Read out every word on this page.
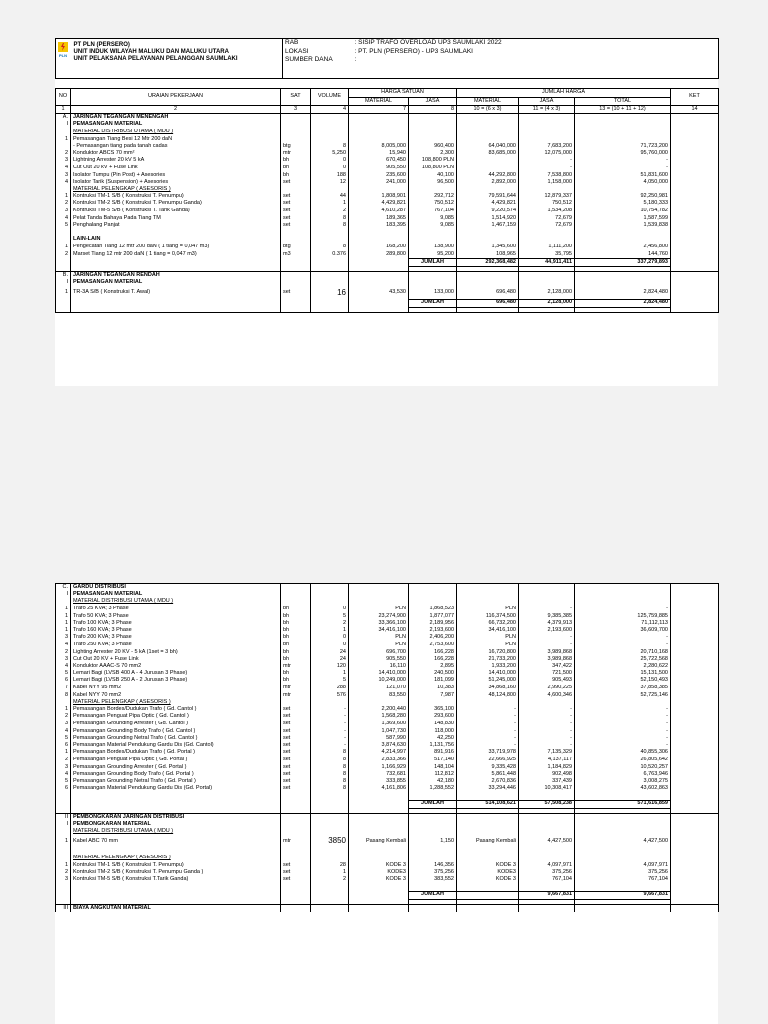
PLN
PT PLN (PERSERO)
UNIT INDUK WILAYAH MALUKU DAN MALUKU UTARA
UNIT PELAKSANA PELAYANAN PELANGGAN SAUMLAKI	RAB	: SISIP TRAFO OVERLOAD UP3 SAUMLAKI 2022
	LOKASI	: PT. PLN (PERSERO) - UP3 SAUMLAKI
	SUMBER DANA	:

NO	URAIAN PEKERJAAN	SAT	VOLUME	HARGA SATUAN		JUMLAH HARGA			KET
				MATERIAL	JASA	MATERIAL	JASA	TOTAL	
1	2	3	4	7	8	10 = (6 x 3)	11 = (4 x 3)	13 = (10 + 11 + 12)	14
A.	JARINGAN TEGANGAN MENENGAH								
I	PEMASANGAN MATERIAL								
	MATERIAL DISTRIBUSI UTAMA ( MDU )								
1	Pemasangan Tiang Besi 12 Mtr 200 daN								
	- Pemasangan tiang pada tanah cadas	btg	8	8,005,000	960,400	64,040,000	7,683,200	71,723,200	
2	Konduktor ABCS 70 mm²	mtr	5,250	15,940	2,300	83,685,000	12,075,000	95,760,000	
3	Lightning Arrester 20 kV 5 kA	bh	0	670,450	108,800 PLN		-	-	
4	Cut Out 20 kV + Fuse Link	bh	0	905,550	108,800 PLN		-	-	
3	Isolator Tumpu (Pin Post) + Asesories	bh	188	235,600	40,100	44,292,800	7,538,800	51,831,600	
4	Isolator Tarik (Suspension) + Asesories	set	12	241,000	96,500	2,892,000	1,158,000	4,050,000	
	MATERIAL PELENGKAP ( ASESORIS )								
1	Kontruksi TM-1 S/B ( Konstruksi T. Penumpu)	set	44	1,808,901	292,712	79,591,644	12,879,337	92,250,981	
2	Kontruksi TM-2 S/B ( Konstruksi T. Penumpu Ganda)	set	1	4,429,821	750,512	4,429,821	750,512	5,180,333	
3	Kontruksi TM-5 S/B ( Konstruksi T. Tarik Ganda)	set	2	4,610,287	767,104	9,220,574	1,534,208	10,754,782	
4	Pelat Tanda Bahaya Pada Tiang TM	set	8	189,365	9,085	1,514,920	72,679	1,587,599	
5	Penghalang Panjat	set	8	183,395	9,085	1,467,159	72,679	1,539,838	

	LAIN-LAIN								
1	Pengecatan Tiang 12 mtr 200 daN ( 1 tiang = 0,047 m3)	btg	8	168,200	138,900	1,345,600	1,111,200	2,456,800	
2	Marset Tiang 12 mtr 200 daN ( 1 tiang = 0,047 m3)	m3	0.376	289,800	95,200	108,965	35,795	144,760	
					JUMLAH	292,368,482	44,911,411	337,279,893	

B.	JARINGAN TEGANGAN RENDAH								
I	PEMASANGAN MATERIAL								
1	TR-3A S/B ( Konstruksi T. Awal)	set	16	43,530	133,000	696,480	2,128,000	2,824,480	
					JUMLAH	696,480	2,128,000	2,824,480	

C.	GARDU DISTRIBUSI								
I	PEMASANGAN MATERIAL								
	MATERIAL DISTRIBUSI UTAMA ( MDU )								
1	Trafo 25 KVA; 3 Phase	bh	0	PLN	1,868,523	PLN	-	-	
1	Trafo 50 KVA; 3 Phase	bh	5	23,274,900	1,877,077	116,374,500	9,385,385	125,759,885	
1	Trafo 100 KVA; 3 Phase	bh	2	33,366,100	2,189,956	66,732,200	4,379,913	71,112,113	
1	Trafo 160 KVA; 3 Phase	bh	1	34,416,100	2,193,600	34,416,100	2,193,600	36,609,700	
3	Trafo 200 KVA; 3 Phase	bh	0	PLN	2,406,200	PLN	-	-	
4	Trafo 250 KVA; 3 Phase	bh	0	PLN	2,753,600	PLN	-	-	
2	Lighting Arrester 20 KV - 5 kA (1set = 3 bh)	bh	24	696,700	166,228	16,720,800	3,989,868	20,710,168	
3	Cut Out 20 KV + Fuse Link	bh	24	905,550	166,228	21,733,200	3,989,868	25,722,568	
4	Konduktor AAAC-S 70 mm2	mtr	120	16,110	2,895	1,933,200	347,422	2,280,622	
5	Lemari Bagi (LVSB 400 A - 4 Jurusan 3 Phase)	bh	1	14,410,000	240,500	14,410,000	721,500	15,131,500	
6	Lemari Bagi (LVSB 250 A - 2 Jurusan 3 Phase)	bh	5	10,249,000	181,099	51,245,000	905,493	52,150,493	
7	Kabel NYY 95 mm2	mtr	288	121,070	10,383	34,868,160	2,990,225	37,858,385	
8	Kabel NYY 70 mm2	mtr	576	83,550	7,987	48,124,800	4,600,346	52,725,146	
	MATERIAL PELENGKAP ( ASESORIS )								
1	Pemasangan Bordes/Dudukan Trafo ( Gd. Cantol )	set	-	2,200,440	365,100	-	-	-	
2	Pemasangan Penguat Pipa Optic ( Gd. Cantol )	set	-	1,568,280	293,600	-	-	-	
3	Pemasangan Grounding Arrester ( Gd. Cantol )	set	-	1,369,600	148,830	-	-	-	
4	Pemasangan Grounding Body Trafo ( Gd. Cantol )	set	-	1,047,730	118,000	-	-	-	
5	Pemasangan Grounding Netral Trafo ( Gd. Cantol )	set	-	587,990	42,250	-	-	-	
6	Pemasangan Material Pendukung Gardu Dis (Gd. Cantol)	set	-	3,874,630	1,131,756	-	-	-	
1	Pemasangan Bordes/Dudukan Trafo ( Gd. Portal )	set	8	4,214,997	891,916	33,719,978	7,135,329	40,855,306	
2	Pemasangan Penguat Pipa Optic ( Gd. Portal )	set	8	2,833,366	517,140	22,666,925	4,137,117	26,805,642	
3	Pemasangan Grounding Arrester ( Gd. Portal )	set	8	1,166,929	148,104	9,335,428	1,184,829	10,520,257	
4	Pemasangan Grounding Body Trafo ( Gd. Portal )	set	8	732,681	112,812	5,861,448	902,498	6,763,946	
5	Pemasangan Grounding Netral Trafo ( Gd. Portal )	set	8	333,855	42,180	2,670,836	337,439	3,008,275	
6	Pemasangan Material Pendukung Gardu Dis (Gd. Portal)	set	8	4,161,806	1,288,552	33,294,446	10,308,417	43,602,863	

					JUMLAH	514,108,621	57,508,238	571,616,859	

II	PEMBONGKARAN JARINGAN DISTRIBUSI								
I	PEMBONGKARAN MATERIAL								
	MATERIAL DISTRIBUSI UTAMA ( MDU )								
1	Kabel ABC 70 mm	mtr	3850	Pasang Kembali	1,150	Pasang Kembali	4,427,500	4,427,500	

	MATERIAL PELENGKAP ( ASESORIS )								
1	Kontruksi TM-1 S/B ( Konstruksi T. Penumpu)	set	28	KODE 3	146,356	KODE 3	4,097,971	4,097,971	
2	Kontruksi TM-2 S/B ( Konstruksi T. Penumpu Ganda )	set	1	KODE3	375,256	KODE3	375,256	375,256	
3	Kontruksi TM-5 S/B ( Konstruksi T.Tarik Ganda)	set	2	KODE 3	383,552	KODE 3	767,104	767,104	

					JUMLAH		9,667,831	9,667,831	

III	BIAYA ANGKUTAN MATERIAL								
